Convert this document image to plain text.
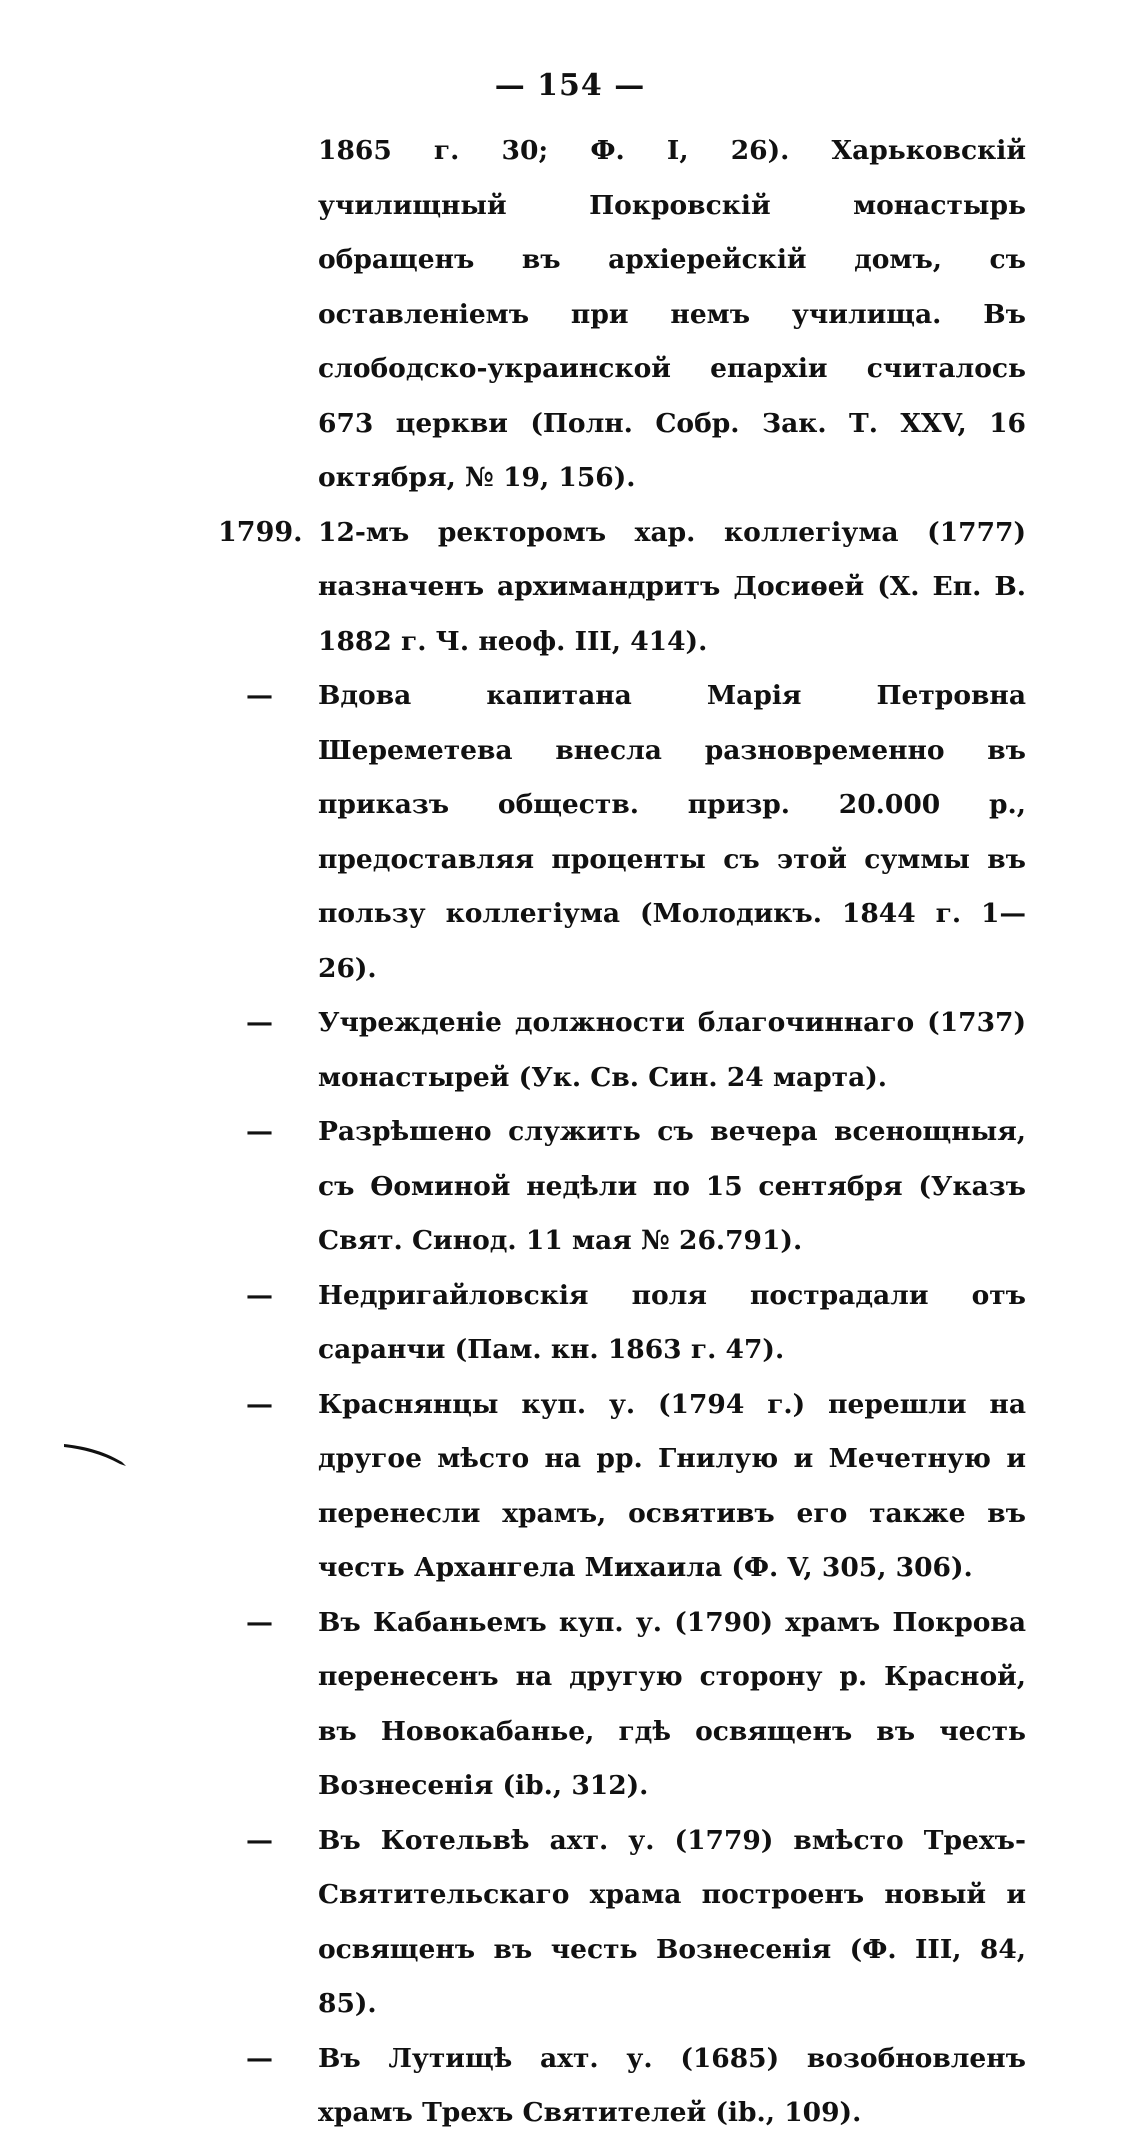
— 154 —
1865 г. 30; Ф. I, 26). Харьковскій училищный Покровскій монастырь обращенъ въ архіерейскій домъ, съ оставленіемъ при немъ училища. Въ слободско-украинской епархіи считалось 673 церкви (Полн. Собр. Зак. Т. XXV, 16 октября, № 19, 156).
1799. 12-мъ ректоромъ хар. коллегіума (1777) назначенъ архимандритъ Досиѳей (Х. Еп. В. 1882 г. Ч. неоф. III, 414).
—	Вдова капитана Марія Петровна Шереметева внесла разновременно въ приказъ обществ. призр. 20.000 р., предоставляя проценты съ этой суммы въ пользу коллегіума (Молодикъ. 1844 г. 1—26).
—	Учрежденіе должности благочиннаго (1737) монастырей (Ук. Св. Син. 24 марта).
—	Разрѣшено служить съ вечера всенощныя, съ Ѳоминой недѣли по 15 сентября (Указъ Свят. Синод. 11 мая № 26.791).
—	Недригайловскія поля пострадали отъ саранчи (Пам. кн. 1863 г. 47).
—	Краснянцы куп. у. (1794 г.) перешли на другое мѣсто на рр. Гнилую и Мечетную и перенесли храмъ, освятивъ его также въ честь Архангела Михаила (Ф. V, 305, 306).
—	Въ Кабаньемъ куп. у. (1790) храмъ Покрова перенесенъ на другую сторону р. Красной, въ Новокабанье, гдѣ освященъ въ честь Вознесенія (ib., 312).
—	Въ Котельвѣ ахт. у. (1779) вмѣсто Трехъ-Святительскаго храма построенъ новый и освященъ въ честь Вознесенія (Ф. III, 84, 85).
—	Въ Лутищѣ ахт. у. (1685) возобновленъ храмъ Трехъ Святителей (ib., 109).
